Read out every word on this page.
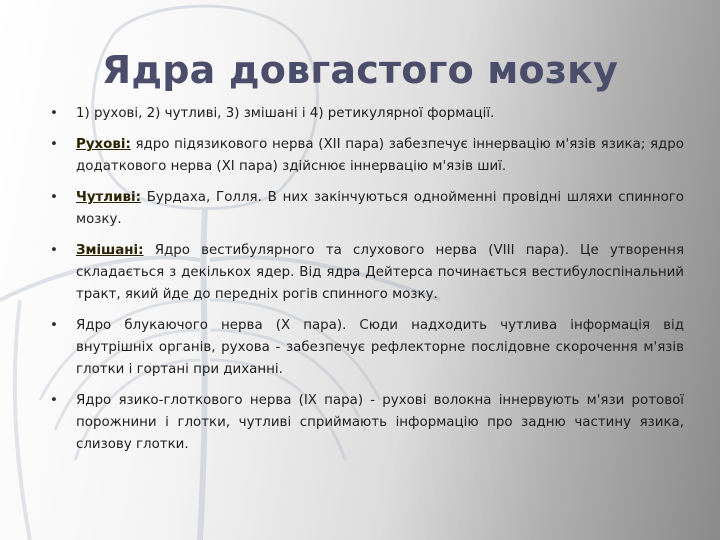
Ядра довгастого мозку
• 1) рухові, 2) чутливі, 3) змішані і 4) ретикулярної формації.
• Рухові: ядро підязикового нерва (XII пара) забезпечує іннервацію м'язів язика; ядро додаткового нерва (XI пара) здійснює іннервацію м'язів шиї.
• Чутливі: Бурдаха, Голля. В них закінчуються однойменні провідні шляхи спинного мозку.
• Змішані: Ядро вестибулярного та слухового нерва (VIII пара). Це утворення складається з декількох ядер. Від ядра Дейтерса починається вестибулоспінальний тракт, який йде до передніх рогів спинного мозку.
• Ядро блукаючого нерва (X пара). Сюди надходить чутлива інформація від внутрішніх органів, рухова - забезпечує рефлекторне послідовне скорочення м'язів глотки і гортані при диханні.
• Ядро язико-глоткового нерва (IX пара) - рухові волокна іннервують м'язи ротової порожнини і глотки, чутливі сприймають інформацію про задню частину язика, слизову глотки.
